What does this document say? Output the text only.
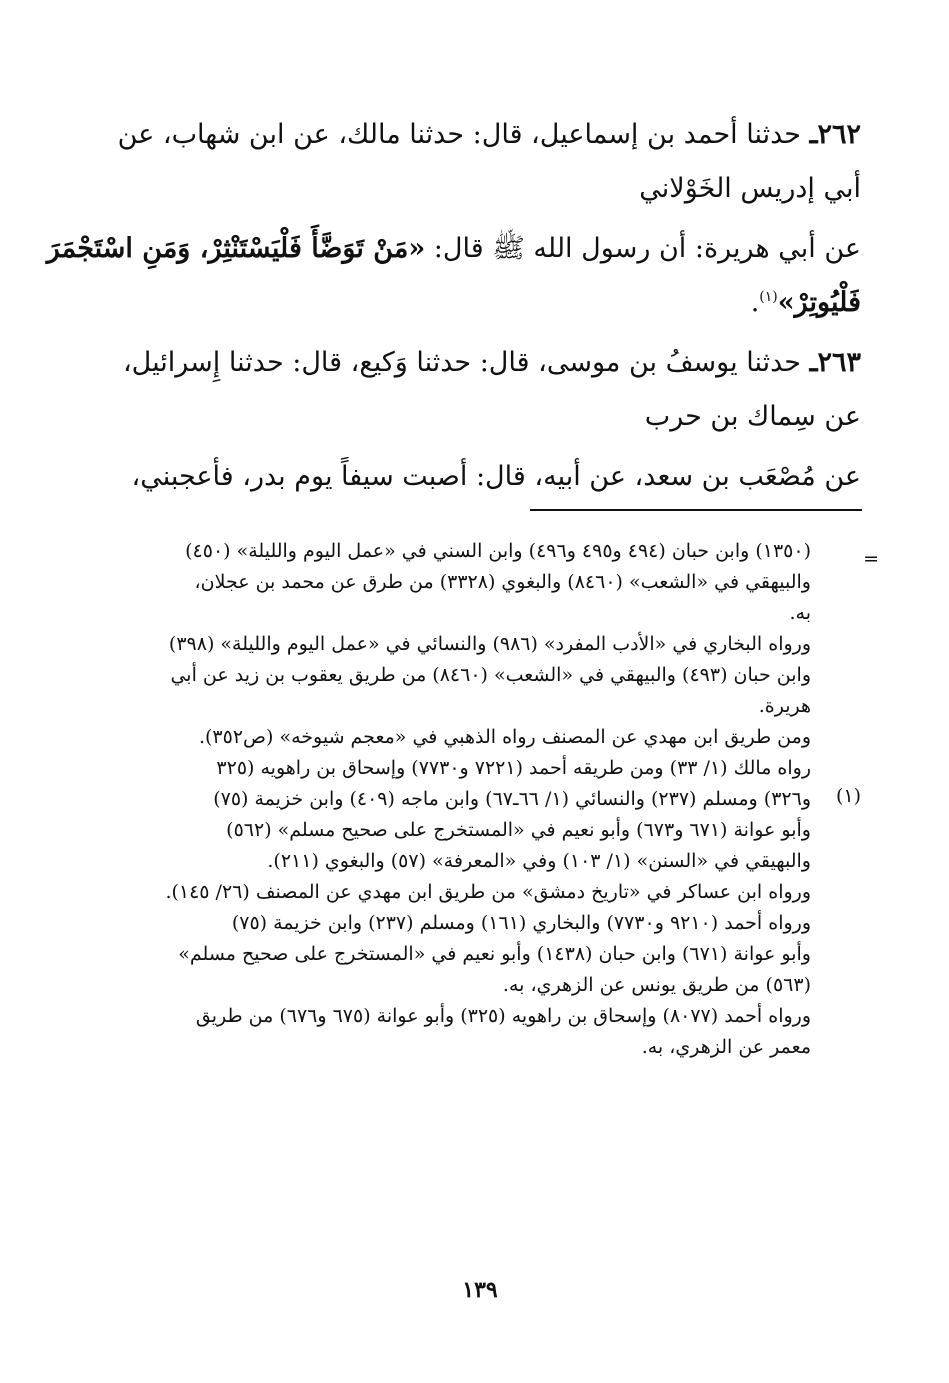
٢٦٢ـ حدثنا أحمد بن إسماعيل، قال: حدثنا مالك، عن ابن شهاب، عن
أبي إدريس الخَوْلاني
عن أبي هريرة: أن رسول الله ﷺ قال: «مَنْ تَوَضَّأَ فَلْيَسْتَنْثِرْ، وَمَنِ اسْتَجْمَرَ
فَلْيُوتِرْ»$^{(١)}$.
٢٦٣ـ حدثنا يوسفُ بن موسى، قال: حدثنا وَكيع، قال: حدثنا إِسرائيل،
عن سِماك بن حرب
عن مُصْعَب بن سعد، عن أبيه، قال: أصبت سيفاً يوم بدر، فأعجبني،
=
(١)
(١٣٥٠) وابن حبان (٤٩٤ و٤٩٥ و٤٩٦) وابن السني في «عمل اليوم والليلة» (٤٥٠)
والبيهقي في «الشعب» (٨٤٦٠) والبغوي (٣٣٢٨) من طرق عن محمد بن عجلان،
به.
ورواه البخاري في «الأدب المفرد» (٩٨٦) والنسائي في «عمل اليوم والليلة» (٣٩٨)
وابن حبان (٤٩٣) والبيهقي في «الشعب» (٨٤٦٠) من طريق يعقوب بن زيد عن أبي
هريرة.
ومن طريق ابن مهدي عن المصنف رواه الذهبي في «معجم شيوخه» (ص٣٥٢).
رواه مالك (١/ ٣٣) ومن طريقه أحمد (٧٢٢١ و٧٧٣٠) وإسحاق بن راهويه (٣٢٥
و٣٢٦) ومسلم (٢٣٧) والنسائي (١/ ٦٦ـ٦٧) وابن ماجه (٤٠٩) وابن خزيمة (٧٥)
وأبو عوانة (٦٧١ و٦٧٣) وأبو نعيم في «المستخرج على صحيح مسلم» (٥٦٢)
والبهيقي في «السنن» (١/ ١٠٣) وفي «المعرفة» (٥٧) والبغوي (٢١١).
ورواه ابن عساكر في «تاريخ دمشق» من طريق ابن مهدي عن المصنف (٢٦/ ١٤٥).
ورواه أحمد (٩٢١٠ و٧٧٣٠) والبخاري (١٦١) ومسلم (٢٣٧) وابن خزيمة (٧٥)
وأبو عوانة (٦٧١) وابن حبان (١٤٣٨) وأبو نعيم في «المستخرج على صحيح مسلم»
(٥٦٣) من طريق يونس عن الزهري، به.
ورواه أحمد (٨٠٧٧) وإسحاق بن راهويه (٣٢٥) وأبو عوانة (٦٧٥ و٦٧٦) من طريق
معمر عن الزهري، به.
١٣٩
